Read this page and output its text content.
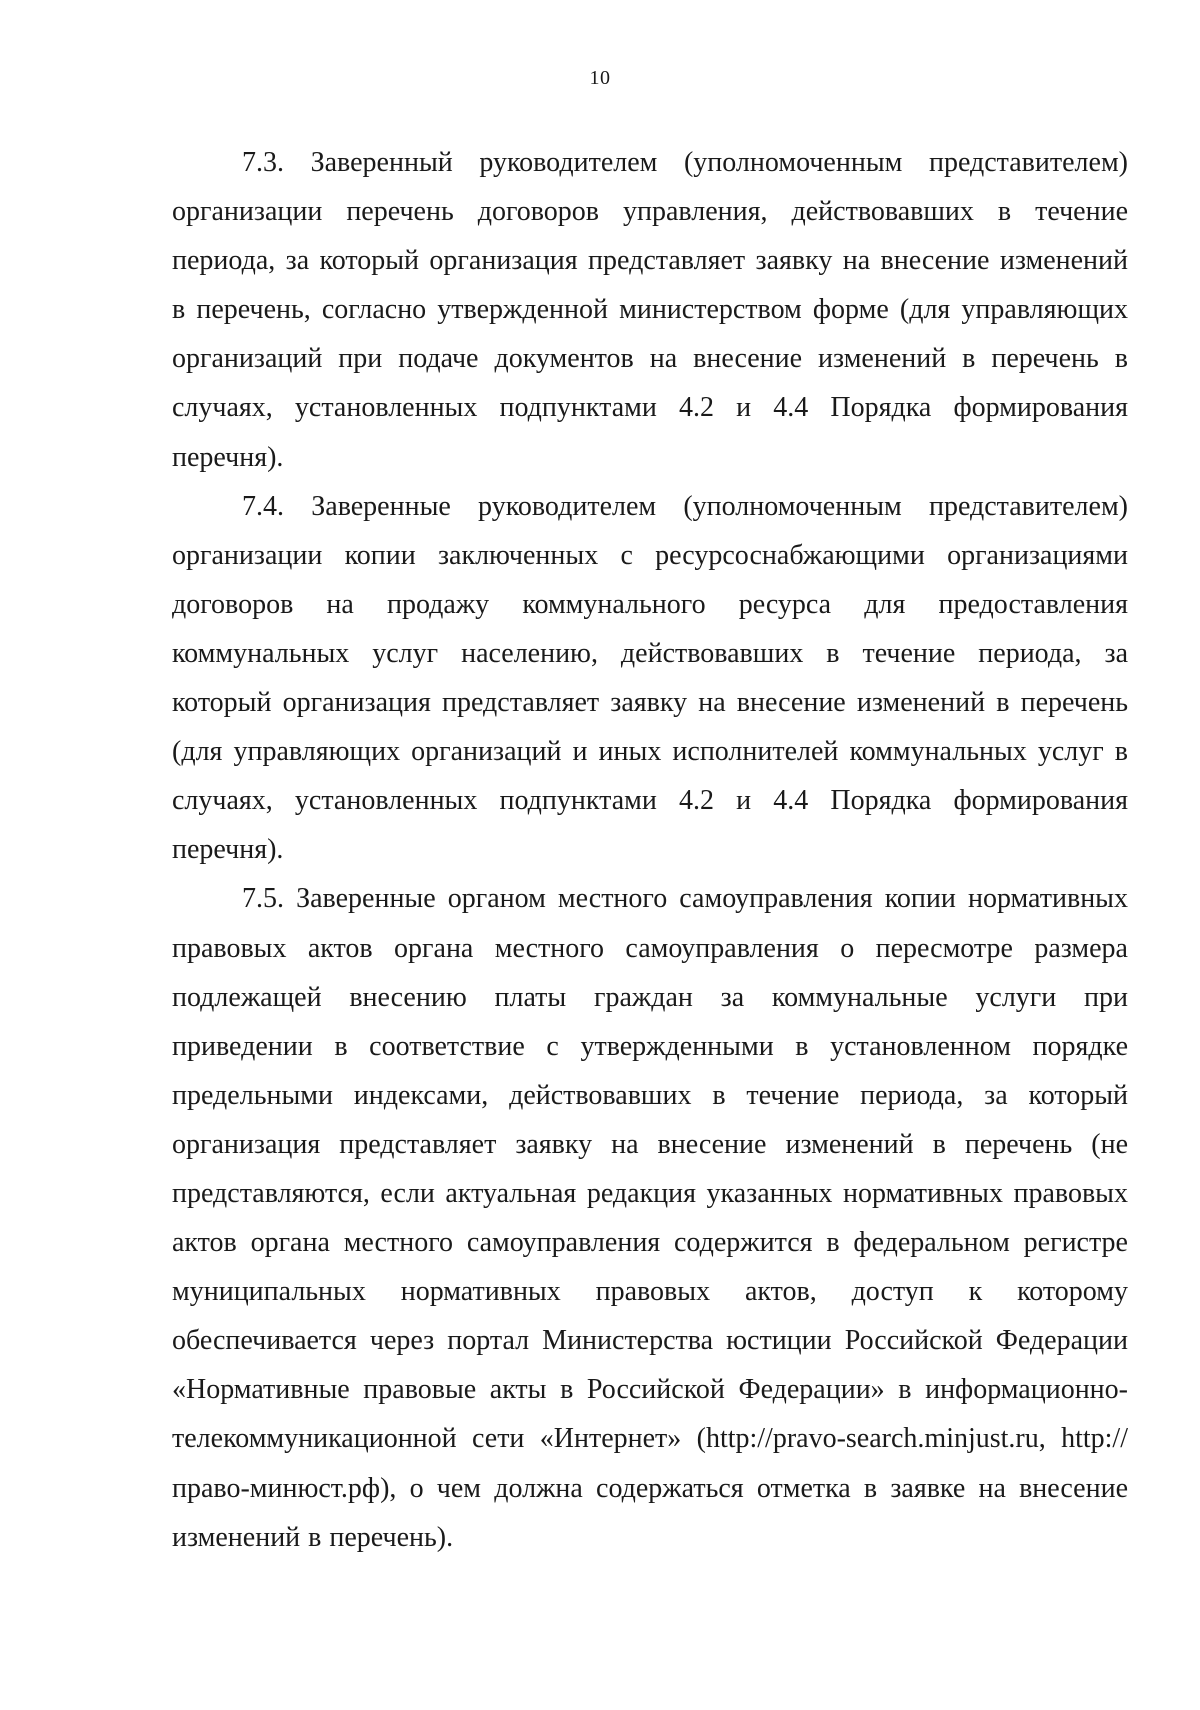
10

7.3. Заверенный руководителем (уполномоченным представителем) организации перечень договоров управления, действовавших в течение периода, за который организация представляет заявку на внесение изменений в перечень, согласно утвержденной министерством форме (для управляющих организаций при подаче документов на внесение изменений в перечень в случаях, установленных подпунктами 4.2 и 4.4 Порядка формирования перечня).

7.4. Заверенные руководителем (уполномоченным представителем) организации копии заключенных с ресурсоснабжающими организациями договоров на продажу коммунального ресурса для предоставления коммунальных услуг населению, действовавших в течение периода, за который организация представляет заявку на внесение изменений в перечень (для управляющих организаций и иных исполнителей коммунальных услуг в случаях, установленных подпунктами 4.2 и 4.4 Порядка формирования перечня).

7.5. Заверенные органом местного самоуправления копии нормативных правовых актов органа местного самоуправления о пересмотре размера подлежащей внесению платы граждан за коммунальные услуги при приведении в соответствие с утвержденными в установленном порядке предельными индексами, действовавших в течение периода, за который организация представляет заявку на внесение изменений в перечень (не представляются, если актуальная редакция указанных нормативных правовых актов органа местного самоуправления содержится в федеральном регистре муниципальных нормативных правовых актов, доступ к которому обеспечивается через портал Министерства юстиции Российской Федерации «Нормативные правовые акты в Российской Федерации» в информационно-телекоммуникационной сети «Интернет» (http://pravo-search.minjust.ru, http://право-минюст.рф), о чем должна содержаться отметка в заявке на внесение изменений в перечень).
